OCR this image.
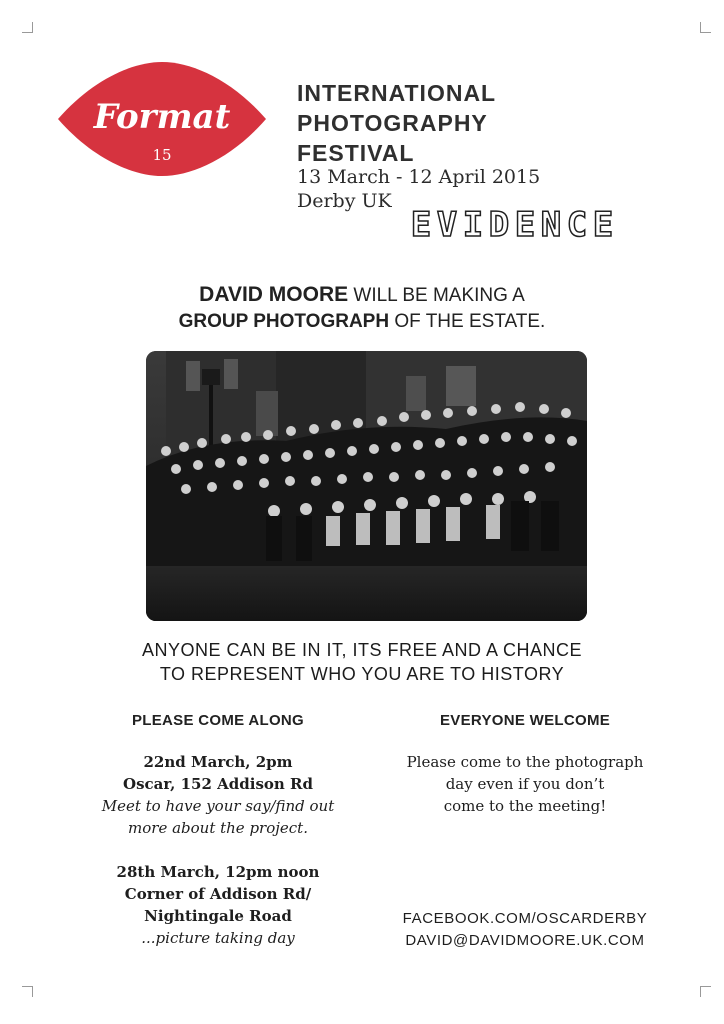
Format
15
INTERNATIONAL
PHOTOGRAPHY
FESTIVAL
13 March - 12 April 2015
Derby UK
E V I D E N C E
DAVID MOORE WILL BE MAKING A
GROUP PHOTOGRAPH OF THE ESTATE.
ANYONE CAN BE IN IT, ITS FREE AND A CHANCE
TO REPRESENT WHO YOU ARE TO HISTORY
PLEASE COME ALONG
22nd March, 2pm
Oscar, 152 Addison Rd
Meet to have your say/find out
more about the project.
28th March, 12pm noon
Corner of Addison Rd/
Nightingale Road
...picture taking day
EVERYONE WELCOME
Please come to the photograph
day even if you don’t
come to the meeting!
FACEBOOK.COM/OSCARDERBY
DAVID@DAVIDMOORE.UK.COM
